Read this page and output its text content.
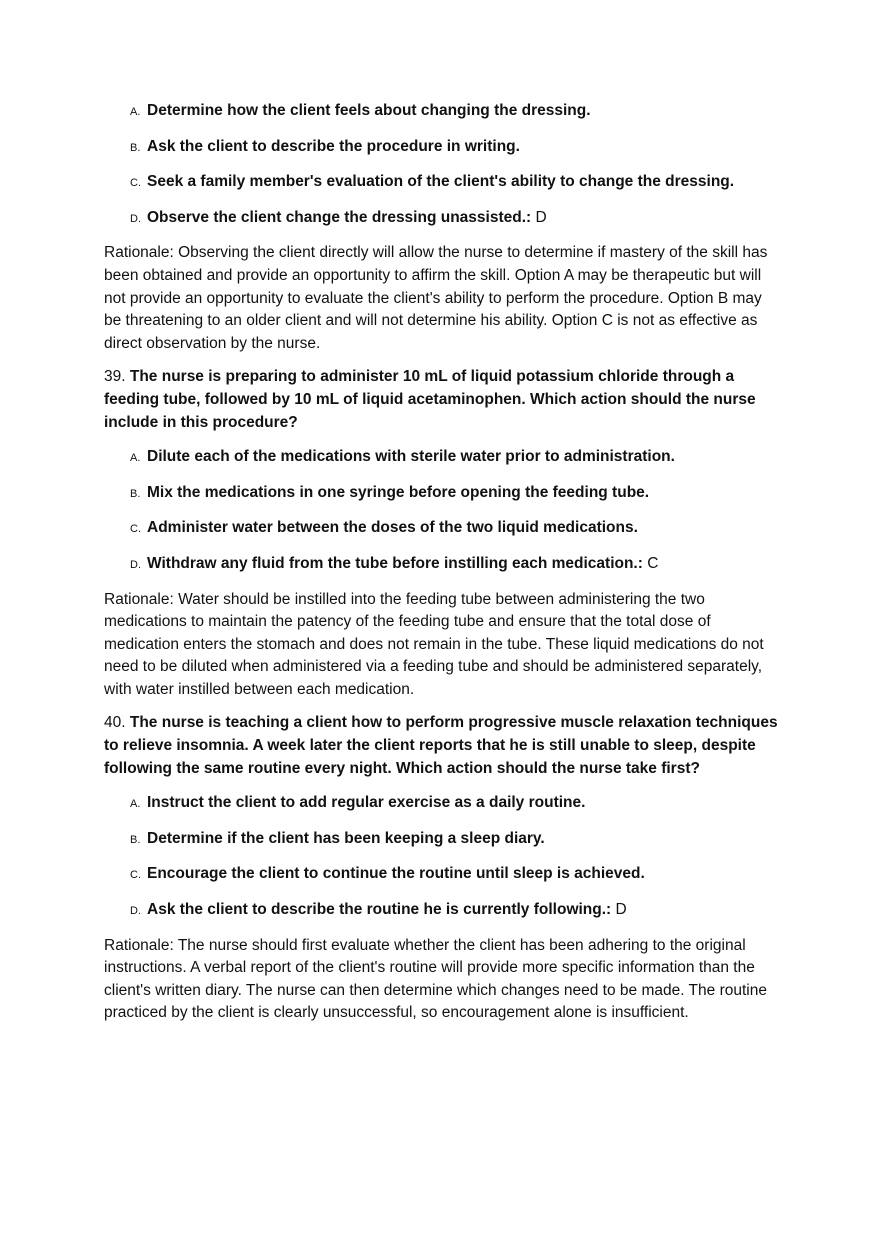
A. Determine how the client feels about changing the dressing.
B. Ask the client to describe the procedure in writing.
C. Seek a family member's evaluation of the client's ability to change the dressing.
D. Observe the client change the dressing unassisted.: D

Rationale: Observing the client directly will allow the nurse to determine if mastery of the skill has been obtained and provide an opportunity to affirm the skill. Option A may be therapeutic but will not provide an opportunity to evaluate the client's ability to perform the procedure. Option B may be threatening to an older client and will not determine his ability. Option C is not as effective as direct observation by the nurse.

39. The nurse is preparing to administer 10 mL of liquid potassium chloride through a feeding tube, followed by 10 mL of liquid acetaminophen. Which action should the nurse include in this procedure?

A. Dilute each of the medications with sterile water prior to administration.
B. Mix the medications in one syringe before opening the feeding tube.
C. Administer water between the doses of the two liquid medications.
D. Withdraw any fluid from the tube before instilling each medication.: C

Rationale: Water should be instilled into the feeding tube between administering the two medications to maintain the patency of the feeding tube and ensure that the total dose of medication enters the stomach and does not remain in the tube. These liquid medications do not need to be diluted when administered via a feeding tube and should be administered separately, with water instilled between each medication.

40. The nurse is teaching a client how to perform progressive muscle relaxation techniques to relieve insomnia. A week later the client reports that he is still unable to sleep, despite following the same routine every night. Which action should the nurse take first?

A. Instruct the client to add regular exercise as a daily routine.
B. Determine if the client has been keeping a sleep diary.
C. Encourage the client to continue the routine until sleep is achieved.
D. Ask the client to describe the routine he is currently following.: D

Rationale: The nurse should first evaluate whether the client has been adhering to the original instructions. A verbal report of the client's routine will provide more specific information than the client's written diary. The nurse can then determine which changes need to be made. The routine practiced by the client is clearly unsuccessful, so encouragement alone is insufficient.
